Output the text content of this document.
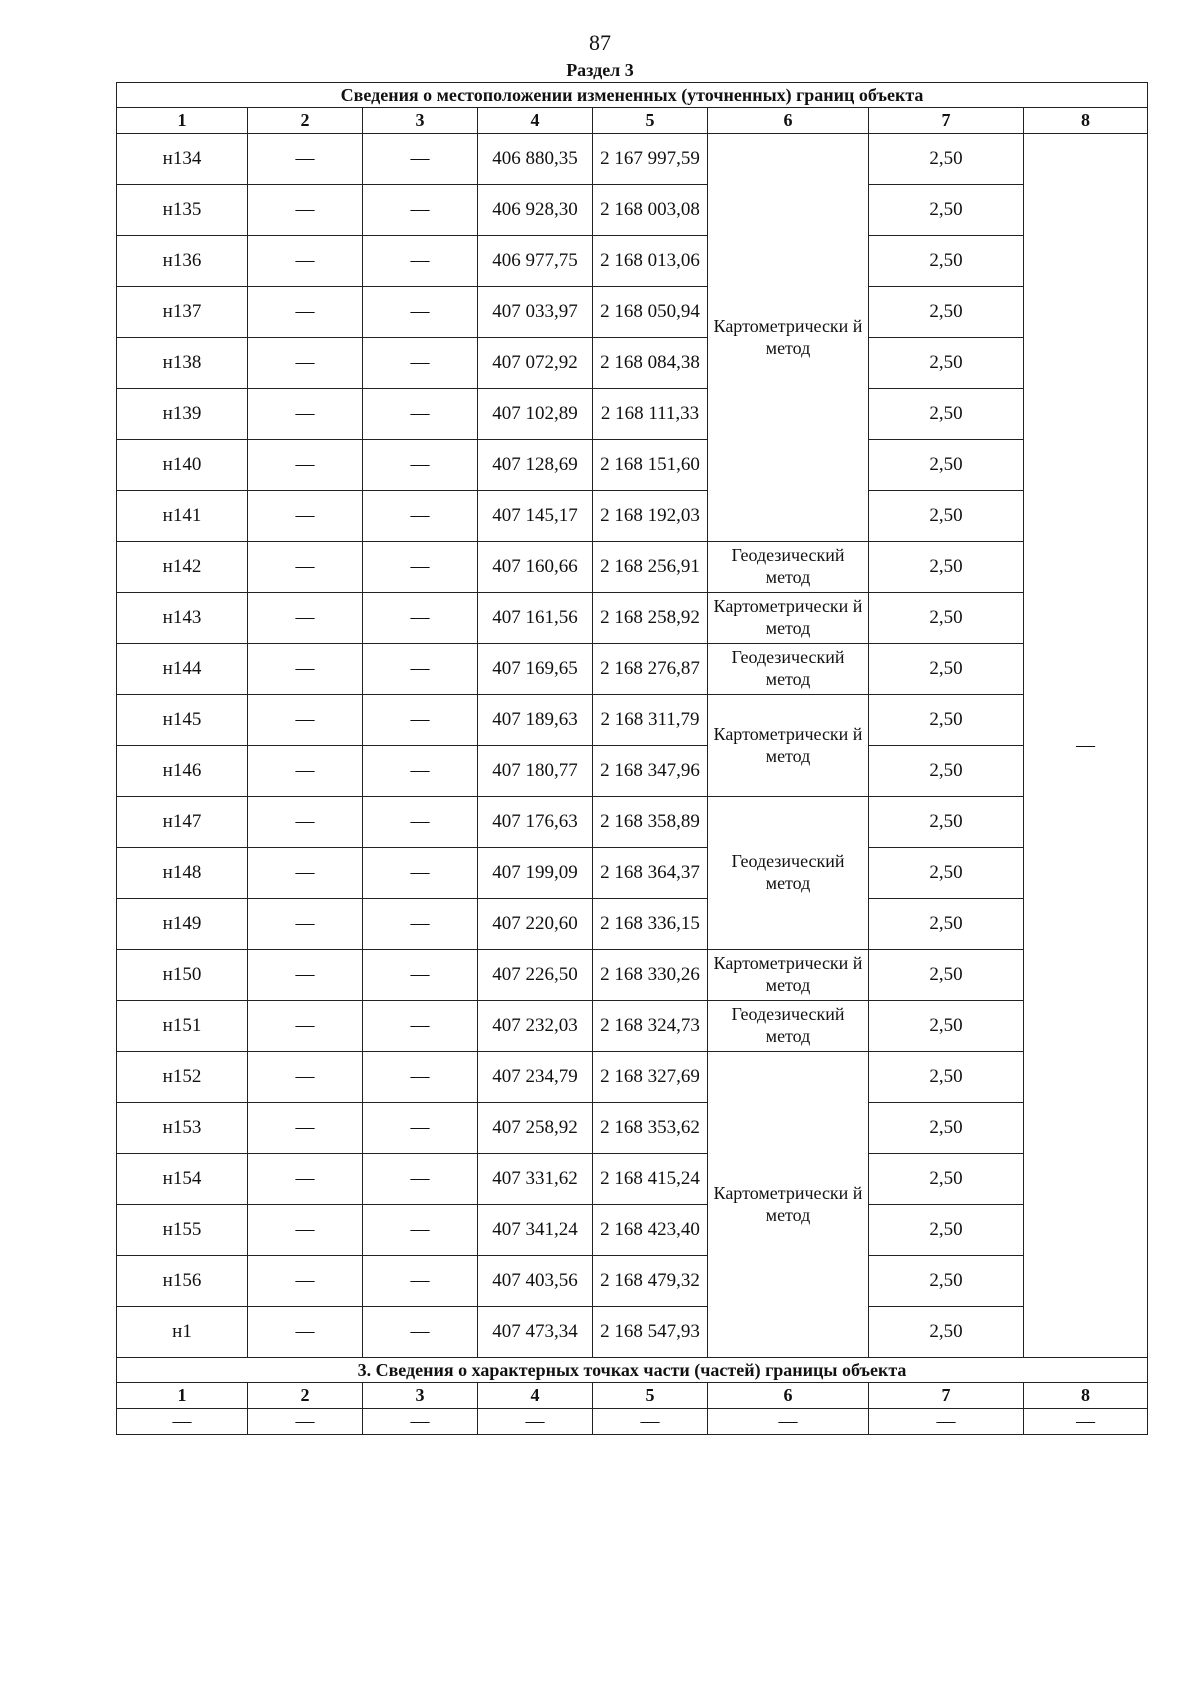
87
Раздел 3
Сведения о местоположении измененных (уточненных) границ объекта							
1	2	3	4	5	6	7	8
н134	—	—	406 880,35	2 167 997,59	Картометрически й метод	2,50	—
н135	—	—	406 928,30	2 168 003,08		2,50	
н136	—	—	406 977,75	2 168 013,06		2,50	
н137	—	—	407 033,97	2 168 050,94		2,50	
н138	—	—	407 072,92	2 168 084,38		2,50	
н139	—	—	407 102,89	2 168 111,33		2,50	
н140	—	—	407 128,69	2 168 151,60		2,50	
н141	—	—	407 145,17	2 168 192,03		2,50	
н142	—	—	407 160,66	2 168 256,91	Геодезический метод	2,50	
н143	—	—	407 161,56	2 168 258,92	Картометрически й метод	2,50	
н144	—	—	407 169,65	2 168 276,87	Геодезический метод	2,50	
н145	—	—	407 189,63	2 168 311,79	Картометрически й метод	2,50	
н146	—	—	407 180,77	2 168 347,96		2,50	
н147	—	—	407 176,63	2 168 358,89	Геодезический метод	2,50	
н148	—	—	407 199,09	2 168 364,37		2,50	
н149	—	—	407 220,60	2 168 336,15		2,50	
н150	—	—	407 226,50	2 168 330,26	Картометрически й метод	2,50	
н151	—	—	407 232,03	2 168 324,73	Геодезический метод	2,50	
н152	—	—	407 234,79	2 168 327,69	Картометрически й метод	2,50	
н153	—	—	407 258,92	2 168 353,62		2,50	
н154	—	—	407 331,62	2 168 415,24		2,50	
н155	—	—	407 341,24	2 168 423,40		2,50	
н156	—	—	407 403,56	2 168 479,32		2,50	
н1	—	—	407 473,34	2 168 547,93		2,50	
3. Сведения о характерных точках части (частей) границы объекта							
1	2	3	4	5	6	7	8
—	—	—	—	—	—	—	—
